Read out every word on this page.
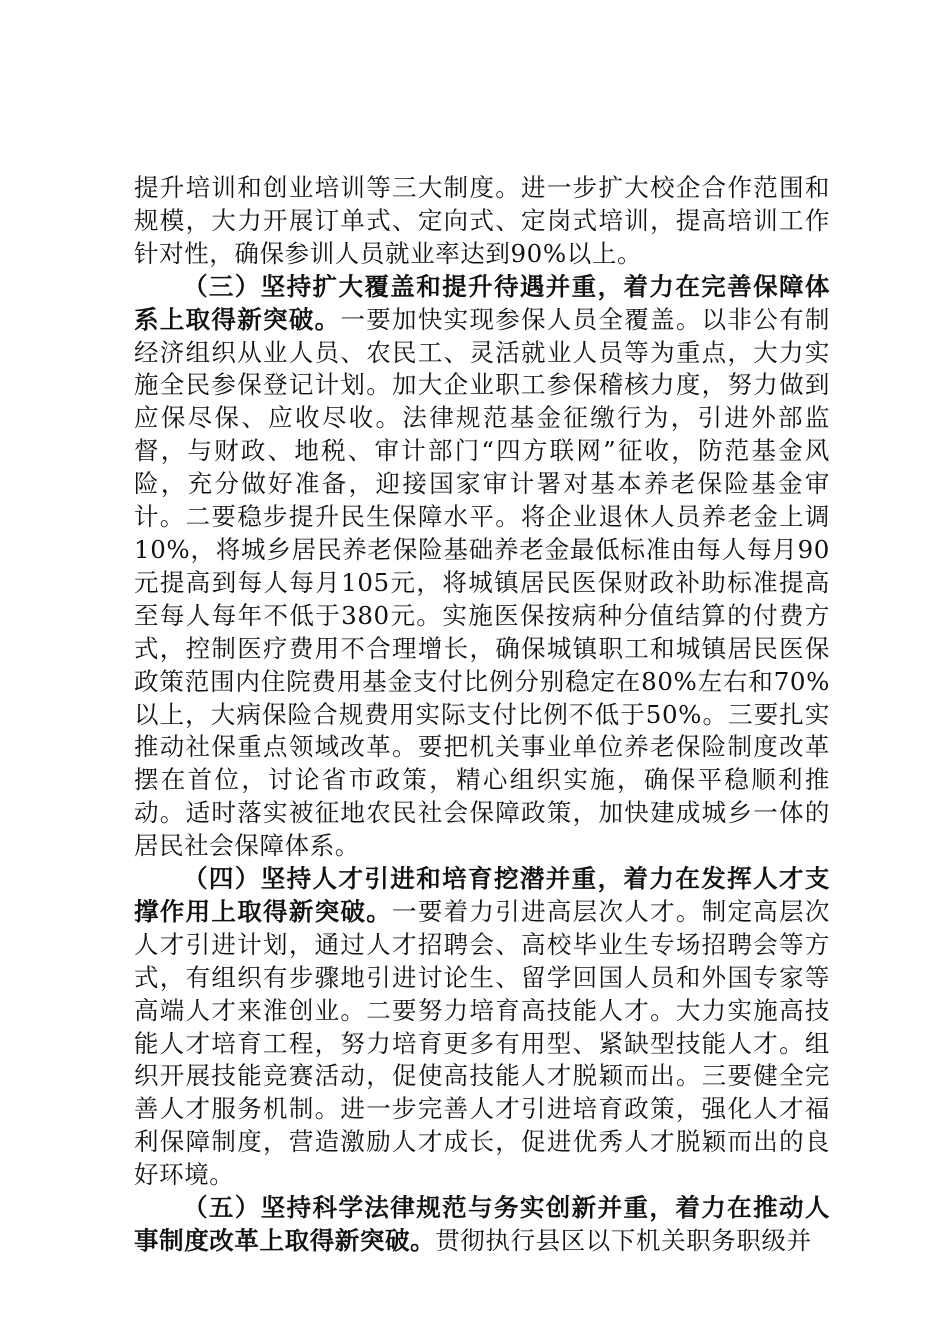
提升培训和创业培训等三大制度。进一步扩大校企合作范围和规模，大力开展订单式、定向式、定岗式培训，提高培训工作针对性，确保参训人员就业率达到90%以上。

（三）坚持扩大覆盖和提升待遇并重，着力在完善保障体系上取得新突破。一要加快实现参保人员全覆盖。以非公有制经济组织从业人员、农民工、灵活就业人员等为重点，大力实施全民参保登记计划。加大企业职工参保稽核力度，努力做到应保尽保、应收尽收。法律规范基金征缴行为，引进外部监督，与财政、地税、审计部门“四方联网”征收，防范基金风险，充分做好准备，迎接国家审计署对基本养老保险基金审计。二要稳步提升民生保障水平。将企业退休人员养老金上调10%，将城乡居民养老保险基础养老金最低标准由每人每月90元提高到每人每月105元，将城镇居民医保财政补助标准提高至每人每年不低于380元。实施医保按病种分值结算的付费方式，控制医疗费用不合理增长，确保城镇职工和城镇居民医保政策范围内住院费用基金支付比例分别稳定在80%左右和70%以上，大病保险合规费用实际支付比例不低于50%。三要扎实推动社保重点领域改革。要把机关事业单位养老保险制度改革摆在首位，讨论省市政策，精心组织实施，确保平稳顺利推动。适时落实被征地农民社会保障政策，加快建成城乡一体的居民社会保障体系。

（四）坚持人才引进和培育挖潜并重，着力在发挥人才支撑作用上取得新突破。一要着力引进高层次人才。制定高层次人才引进计划，通过人才招聘会、高校毕业生专场招聘会等方式，有组织有步骤地引进讨论生、留学回国人员和外国专家等高端人才来淮创业。二要努力培育高技能人才。大力实施高技能人才培育工程，努力培育更多有用型、紧缺型技能人才。组织开展技能竞赛活动，促使高技能人才脱颖而出。三要健全完善人才服务机制。进一步完善人才引进培育政策，强化人才福利保障制度，营造激励人才成长，促进优秀人才脱颖而出的良好环境。

（五）坚持科学法律规范与务实创新并重，着力在推动人事制度改革上取得新突破。贯彻执行县区以下机关职务职级并
